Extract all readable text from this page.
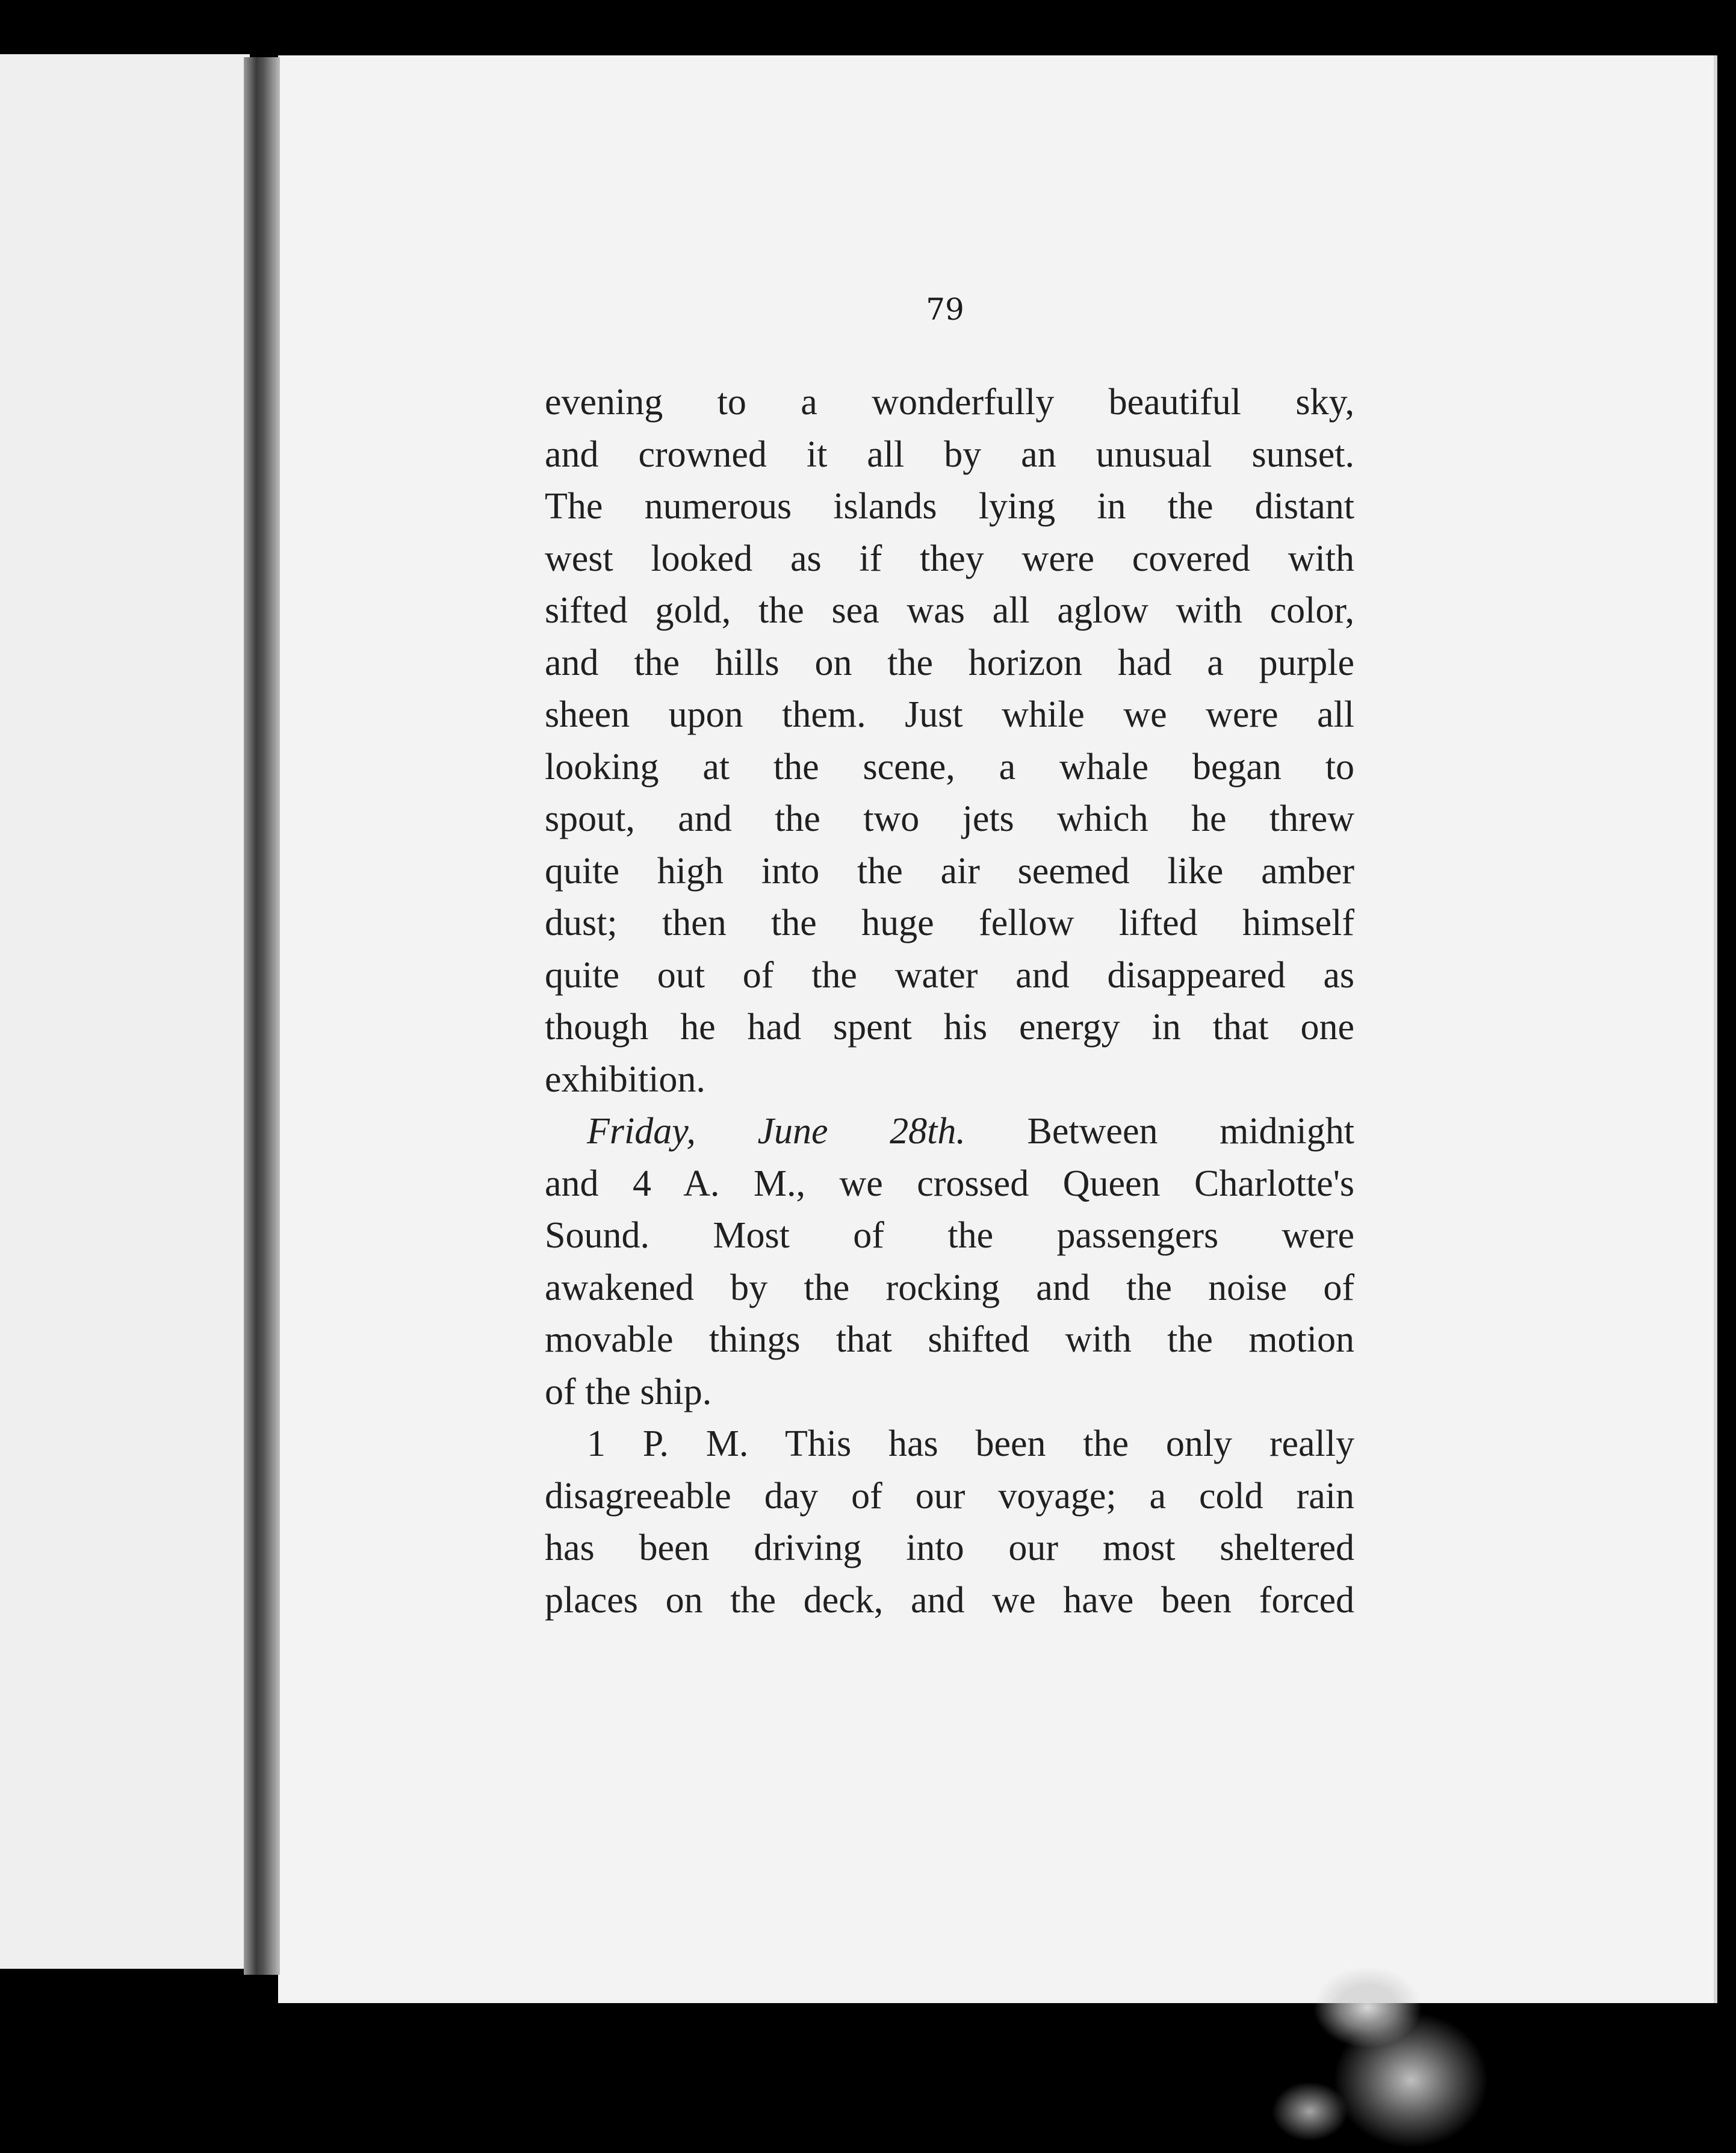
79
evening to a wonderfully beautiful sky,
and crowned it all by an unusual sunset.
The numerous islands lying in the distant
west looked as if they were covered with
sifted gold, the sea was all aglow with color,
and the hills on the horizon had a purple
sheen upon them. Just while we were all
looking at the scene, a whale began to
spout, and the two jets which he threw
quite high into the air seemed like amber
dust; then the huge fellow lifted himself
quite out of the water and disappeared as
though he had spent his energy in that one
exhibition.
Friday, June 28th. Between midnight
and 4 A. M., we crossed Queen Charlotte's
Sound. Most of the passengers were
awakened by the rocking and the noise of
movable things that shifted with the motion
of the ship.
1 P. M. This has been the only really
disagreeable day of our voyage; a cold rain
has been driving into our most sheltered
places on the deck, and we have been forced
